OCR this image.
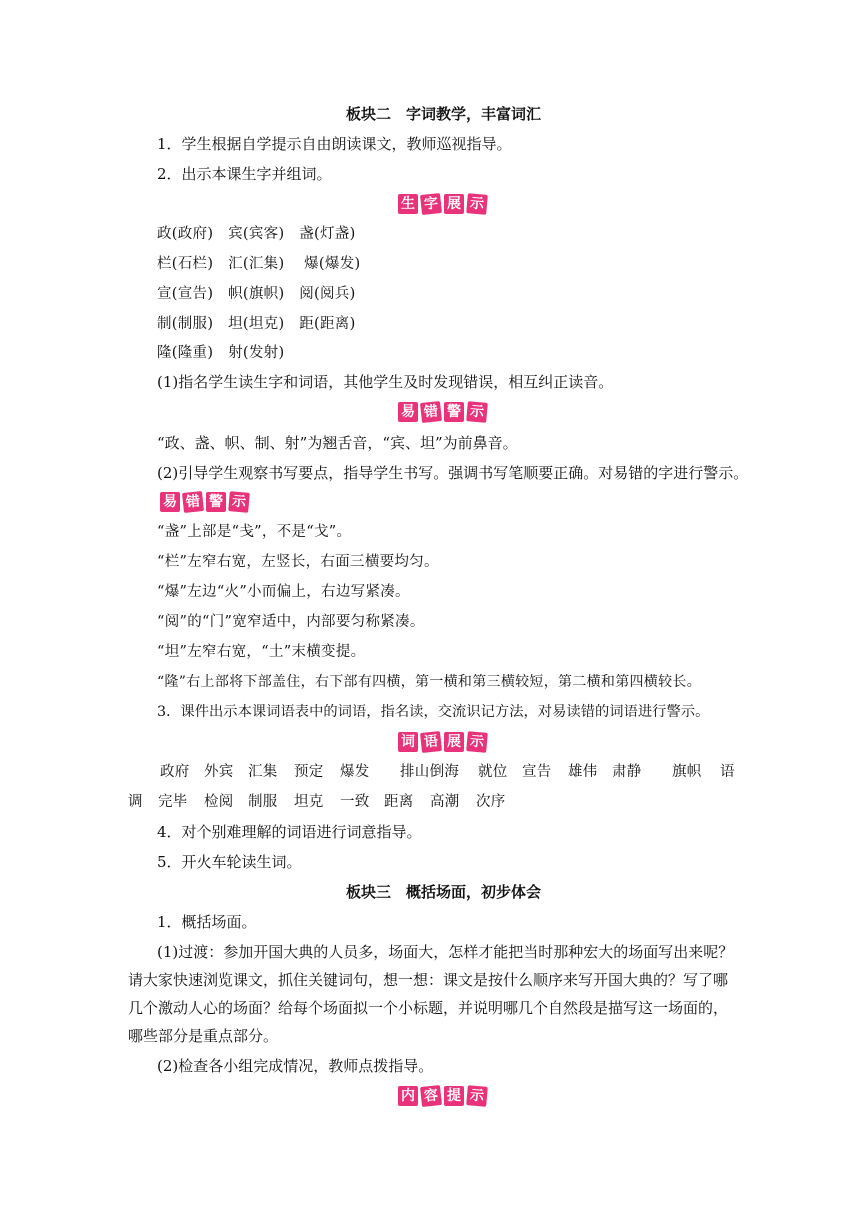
板块二　字词教学，丰富词汇
1．学生根据自学提示自由朗读课文，教师巡视指导。
2．出示本课生字并组词。
生 字 展 示
政(政府)　宾(宾客)　盏(灯盏)
栏(石栏)　汇(汇集)　 爆(爆发)
宣(宣告)　帜(旗帜)　阅(阅兵)
制(制服)　坦(坦克)　距(距离)
隆(隆重)　射(发射)
(1)指名学生读生字和词语，其他学生及时发现错误，相互纠正读音。
易 错 警 示
“政、盏、帜、制、射”为翘舌音，“宾、坦”为前鼻音。
(2)引导学生观察书写要点，指导学生书写。强调书写笔顺要正确。对易错的字进行警示。
易 错 警 示
“盏”上部是“戋”，不是“戈”。
“栏”左窄右宽，左竖长，右面三横要均匀。
“爆”左边“火”小而偏上，右边写紧凑。
“阅”的“门”宽窄适中，内部要匀称紧凑。
“坦”左窄右宽，“土”末横变提。
“隆”右上部将下部盖住，右下部有四横，第一横和第三横较短，第二横和第四横较长。
3．课件出示本课词语表中的词语，指名读，交流识记方法，对易读错的词语进行警示。
词 语 展 示
政府 外宾 汇集 预定 爆发 排山倒海 就位 宣告 雄伟 肃静 旗帜 语
调 完毕 检阅 制服 坦克 一致 距离 高潮 次序
4．对个别难理解的词语进行词意指导。
5．开火车轮读生词。
板块三　概括场面，初步体会
1．概括场面。
(1)过渡：参加开国大典的人员多，场面大，怎样才能把当时那种宏大的场面写出来呢？
请大家快速浏览课文，抓住关键词句，想一想：课文是按什么顺序来写开国大典的？写了哪
几个激动人心的场面？给每个场面拟一个小标题，并说明哪几个自然段是描写这一场面的，
哪些部分是重点部分。
(2)检查各小组完成情况，教师点拨指导。
内 容 提 示
